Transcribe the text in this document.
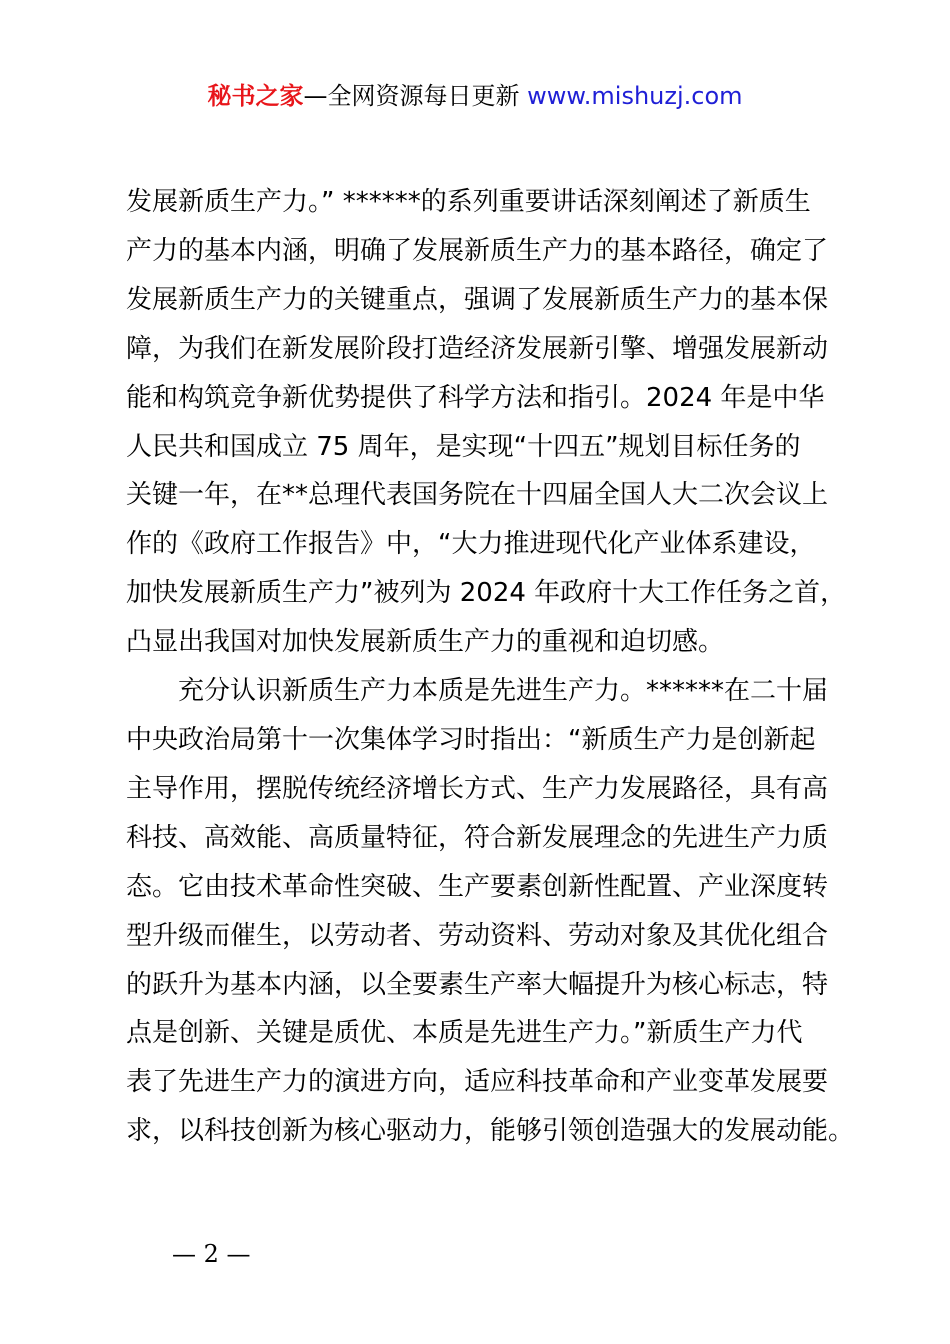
秘书之家—全网资源每日更新 www.mishuzj.com

发展新质生产力。” ******的系列重要讲话深刻阐述了新质生
产力的基本内涵，明确了发展新质生产力的基本路径，确定了
发展新质生产力的关键重点，强调了发展新质生产力的基本保
障，为我们在新发展阶段打造经济发展新引擎、增强发展新动
能和构筑竞争新优势提供了科学方法和指引。2024 年是中华
人民共和国成立 75 周年，是实现“十四五”规划目标任务的
关键一年，在**总理代表国务院在十四届全国人大二次会议上
作的《政府工作报告》中，“大力推进现代化产业体系建设，
加快发展新质生产力”被列为 2024 年政府十大工作任务之首，
凸显出我国对加快发展新质生产力的重视和迫切感。

充分认识新质生产力本质是先进生产力。******在二十届
中央政治局第十一次集体学习时指出：“新质生产力是创新起
主导作用，摆脱传统经济增长方式、生产力发展路径，具有高
科技、高效能、高质量特征，符合新发展理念的先进生产力质
态。它由技术革命性突破、生产要素创新性配置、产业深度转
型升级而催生，以劳动者、劳动资料、劳动对象及其优化组合
的跃升为基本内涵，以全要素生产率大幅提升为核心标志，特
点是创新、关键是质优、本质是先进生产力。”新质生产力代
表了先进生产力的演进方向，适应科技革命和产业变革发展要
求，以科技创新为核心驱动力，能够引领创造强大的发展动能。

— 2 —
